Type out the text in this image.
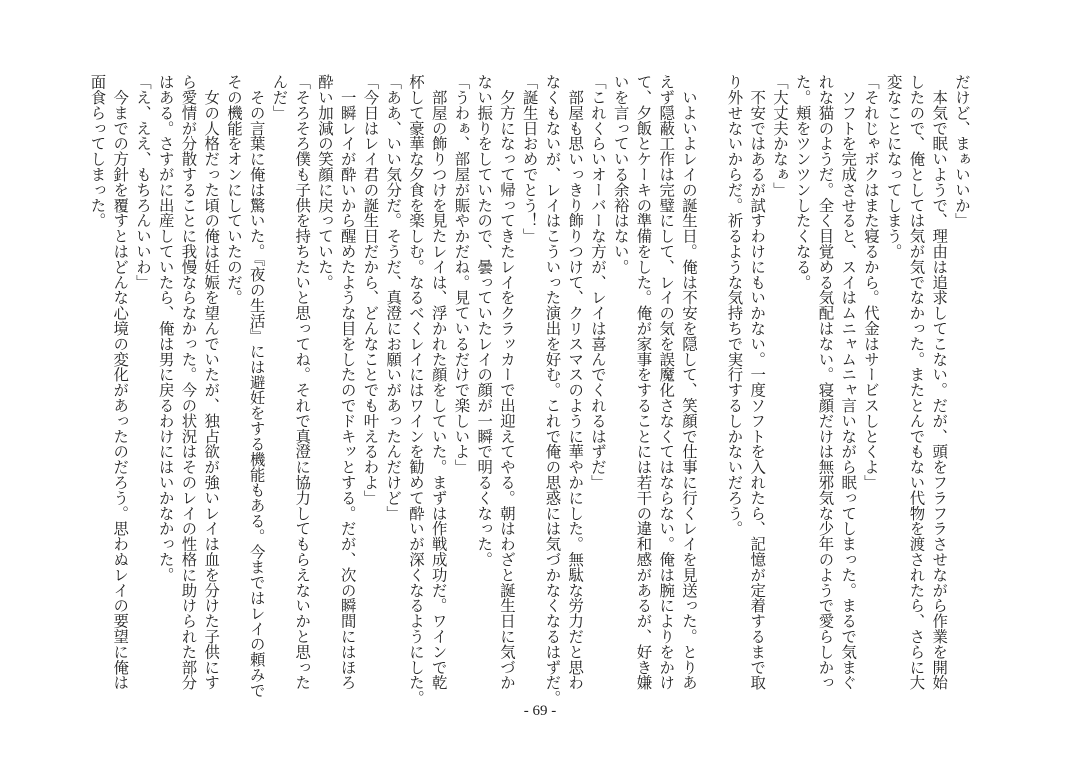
だけど、まぁいいか」
　本気で眠いようで、理由は追求してこない。だが、頭をフラフラさせながら作業を開始
したので、俺としては気が気でなかった。またとんでもない代物を渡されたら、さらに大
変なことになってしまう。
「それじゃボクはまた寝るから。代金はサービスしとくよ」
　ソフトを完成させると、スイはムニャムニャ言いながら眠ってしまった。まるで気まぐ
れな猫のようだ。全く目覚める気配はない。寝顔だけは無邪気な少年のようで愛らしかっ
た。頬をツンツンしたくなる。
「大丈夫かなぁ」
　不安ではあるが試すわけにもいかない。一度ソフトを入れたら、記憶が定着するまで取
り外せないからだ。祈るような気持ちで実行するしかないだろう。
　いよいよレイの誕生日。俺は不安を隠して、笑顔で仕事に行くレイを見送った。とりあ
えず隠蔽工作は完璧にして、レイの気を誤魔化さなくてはならない。俺は腕によりをかけ
て、夕飯とケーキの準備をした。俺が家事をすることには若干の違和感があるが、好き嫌
いを言っている余裕はない。
「これくらいオーバーな方が、レイは喜んでくれるはずだ」
　部屋も思いっきり飾りつけて、クリスマスのように華やかにした。無駄な労力だと思わ
なくもないが、レイはこういった演出を好む。これで俺の思惑には気づかなくなるはずだ。
「誕生日おめでとう！」
　夕方になって帰ってきたレイをクラッカーで出迎えてやる。朝はわざと誕生日に気づか
ない振りをしていたので、曇っていたレイの顔が一瞬で明るくなった。
「うわぁ、部屋が賑やかだね。見ているだけで楽しいよ」
　部屋の飾りつけを見たレイは、浮かれた顔をしていた。まずは作戦成功だ。ワインで乾
杯して豪華な夕食を楽しむ。なるべくレイにはワインを勧めて酔いが深くなるようにした。
「ああ、いい気分だ。そうだ、真澄にお願いがあったんだけど」
「今日はレイ君の誕生日だから、どんなことでも叶えるわよ」
　一瞬レイが酔いから醒めたような目をしたのでドキッとする。だが、次の瞬間にはほろ
酔い加減の笑顔に戻っていた。
「そろそろ僕も子供を持ちたいと思ってね。それで真澄に協力してもらえないかと思った
んだ」
　その言葉に俺は驚いた。『夜の生活』には避妊をする機能もある。今まではレイの頼みで
その機能をオンにしていたのだ。
　女の人格だった頃の俺は妊娠を望んでいたが、独占欲が強いレイは血を分けた子供にす
ら愛情が分散することに我慢ならなかった。今の状況はそのレイの性格に助けられた部分
はある。さすがに出産していたら、俺は男に戻るわけにはいかなかった。
「え、ええ、もちろんいいわ」
　今までの方針を覆すとはどんな心境の変化があったのだろう。思わぬレイの要望に俺は
面食らってしまった。
- 69 -
